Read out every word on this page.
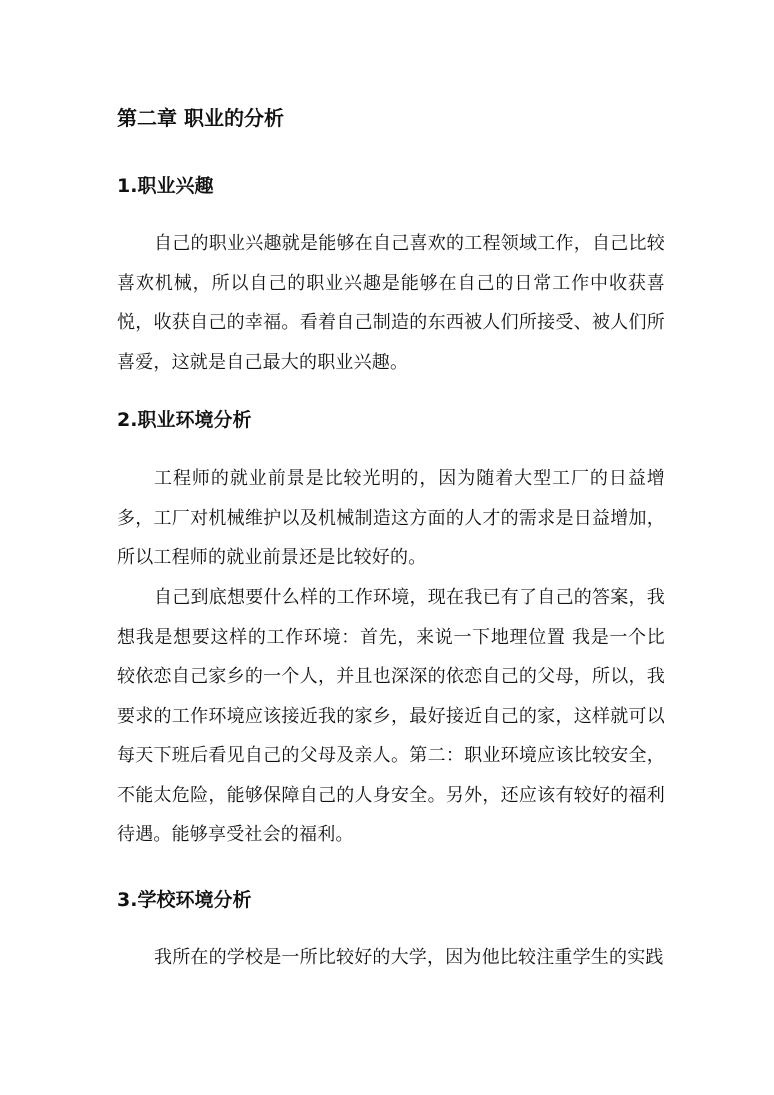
第二章 职业的分析
1.职业兴趣

自己的职业兴趣就是能够在自己喜欢的工程领域工作，自己比较喜欢机械，所以自己的职业兴趣是能够在自己的日常工作中收获喜悦，收获自己的幸福。看着自己制造的东西被人们所接受、被人们所喜爱，这就是自己最大的职业兴趣。

2.职业环境分析

工程师的就业前景是比较光明的，因为随着大型工厂的日益增多，工厂对机械维护以及机械制造这方面的人才的需求是日益增加，所以工程师的就业前景还是比较好的。

自己到底想要什么样的工作环境，现在我已有了自己的答案，我想我是想要这样的工作环境：首先，来说一下地理位置 我是一个比较依恋自己家乡的一个人，并且也深深的依恋自己的父母，所以，我要求的工作环境应该接近我的家乡，最好接近自己的家，这样就可以每天下班后看见自己的父母及亲人。第二：职业环境应该比较安全，不能太危险，能够保障自己的人身安全。另外，还应该有较好的福利待遇。能够享受社会的福利。

3.学校环境分析

我所在的学校是一所比较好的大学，因为他比较注重学生的实践
